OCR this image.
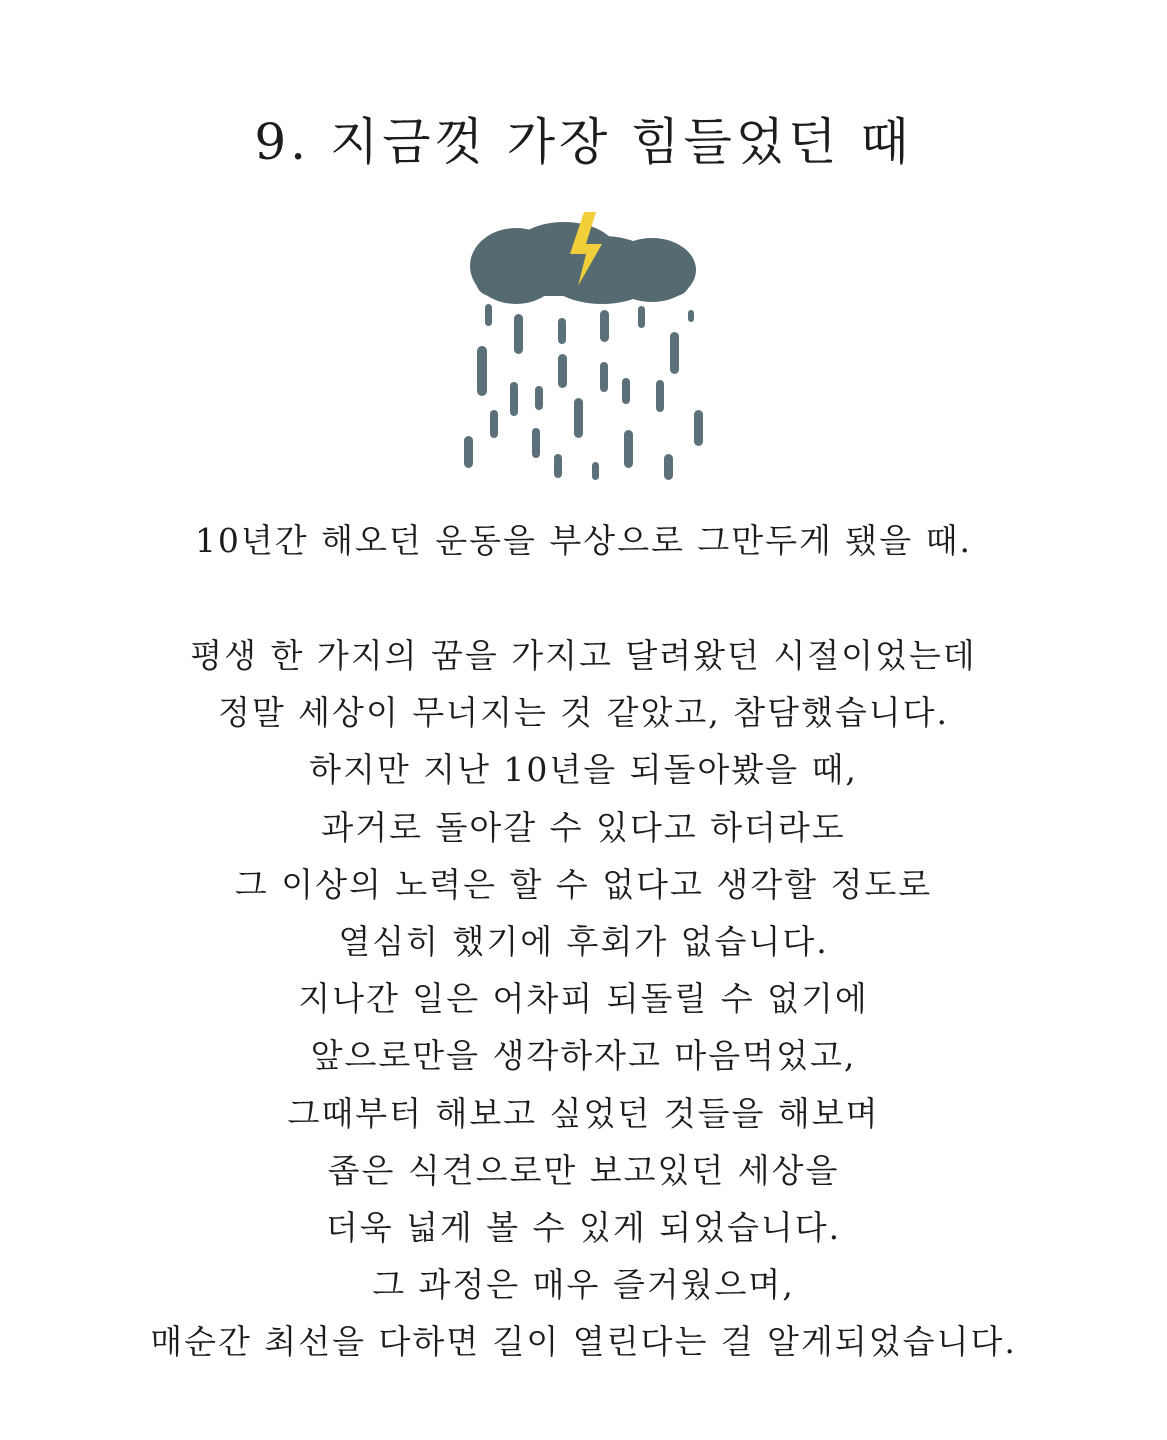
9. 지금껏 가장 힘들었던 때

10년간 해오던 운동을 부상으로 그만두게 됐을 때.

평생 한 가지의 꿈을 가지고 달려왔던 시절이었는데
정말 세상이 무너지는 것 같았고, 참담했습니다.
하지만 지난 10년을 되돌아봤을 때,
과거로 돌아갈 수 있다고 하더라도
그 이상의 노력은 할 수 없다고 생각할 정도로
열심히 했기에 후회가 없습니다.
지나간 일은 어차피 되돌릴 수 없기에
앞으로만을 생각하자고 마음먹었고,
그때부터 해보고 싶었던 것들을 해보며
좁은 식견으로만 보고있던 세상을
더욱 넓게 볼 수 있게 되었습니다.
그 과정은 매우 즐거웠으며,
매순간 최선을 다하면 길이 열린다는 걸 알게되었습니다.
